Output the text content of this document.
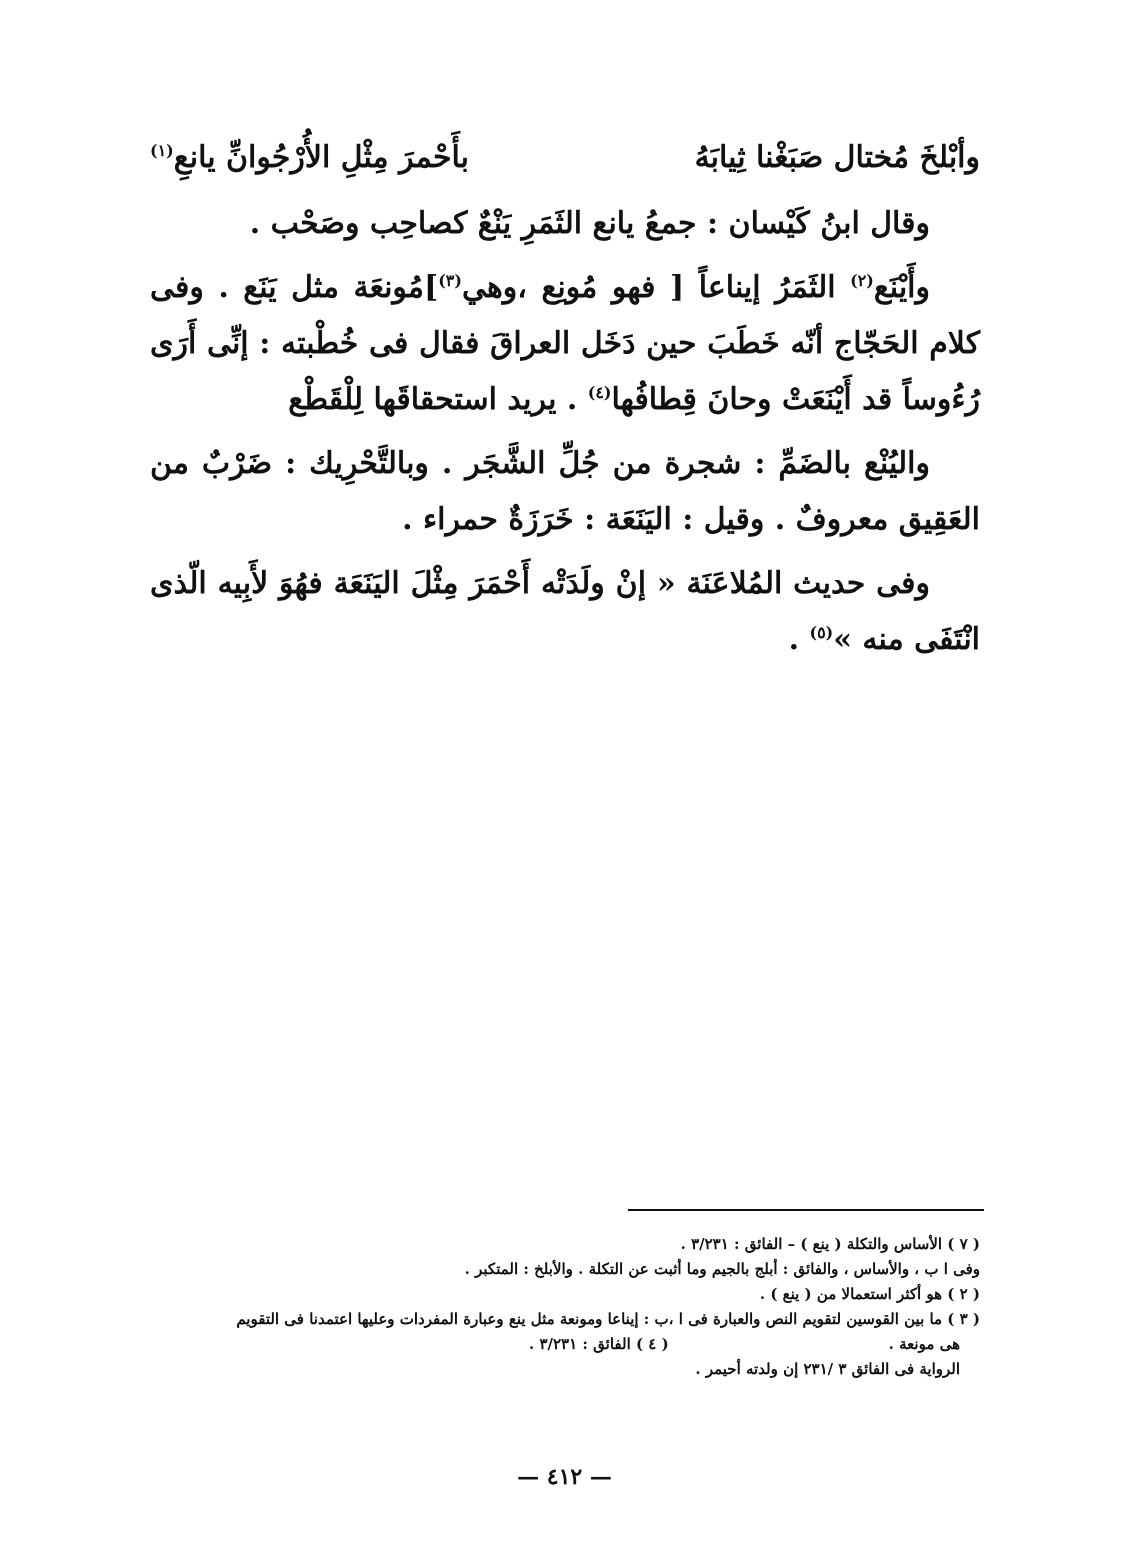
وأبْلخَ مُختال صَبَغْنا ثِيابَهُ
بأَحْمرَ مِثْلِ الأُرْجُوانِّ يانعِ$^{(١)}$
وقال ابنُ كَيْسان : جمعُ يانع الثَمَرِ يَنْعٌ كصاحِب وصَحْب .
وأَيْنَع$^{(٢)}$ الثَمَرُ إيناعاً [ فهو مُونِع ،وهي$^{(٣)}$]مُونعَة مثل يَنَع . وفى كلام الحَجّاج أنّه خَطَبَ حين دَخَل العراقَ فقال فى خُطْبته : إنِّى أَرَى رُءُوساً قد أَيْنَعَتْ وحانَ قِطافُها$^{(٤)}$ . يريد استحقاقَها لِلْقَطْع
واليُنْع بالضَمِّ : شجرة من جُلِّ الشَّجَر . وبالتَّحْرِيك : ضَرْبٌ من العَقِيق معروفٌ . وقيل : اليَنَعَة : خَرَزَةٌ حمراء .
وفى حديث المُلاعَنَة « إنْ ولَدَتْه أَحْمَرَ مِثْلَ اليَنَعَة فهُوَ لأَبِيه الّذى انْتَفَى منه »$^{(٥)}$ .

( ٧ ) الأساس والتكلة ( ينع ) – الفائق : ٣/٢٣١ .

وفى ا ب ، والأساس ، والفائق : أبلج بالجيم وما أثبت عن التكلة . والأبلخ : المتكبر .

( ٢ ) هو أكثر استعمالا من ( ينع ) .

( ٣ ) ما بين القوسين لتقويم النص والعبارة فى ا ،ب : إيناعا ومونعة مثل ينع وعبارة المفردات وعليها اعتمدنا فى التقويم

هى مونعة .
( ٤ ) الفائق : ٣/٢٣١ .

الرواية فى الفائق ٣ /٢٣١ إن ولدته أحيمر .

— ٤١٢ —
